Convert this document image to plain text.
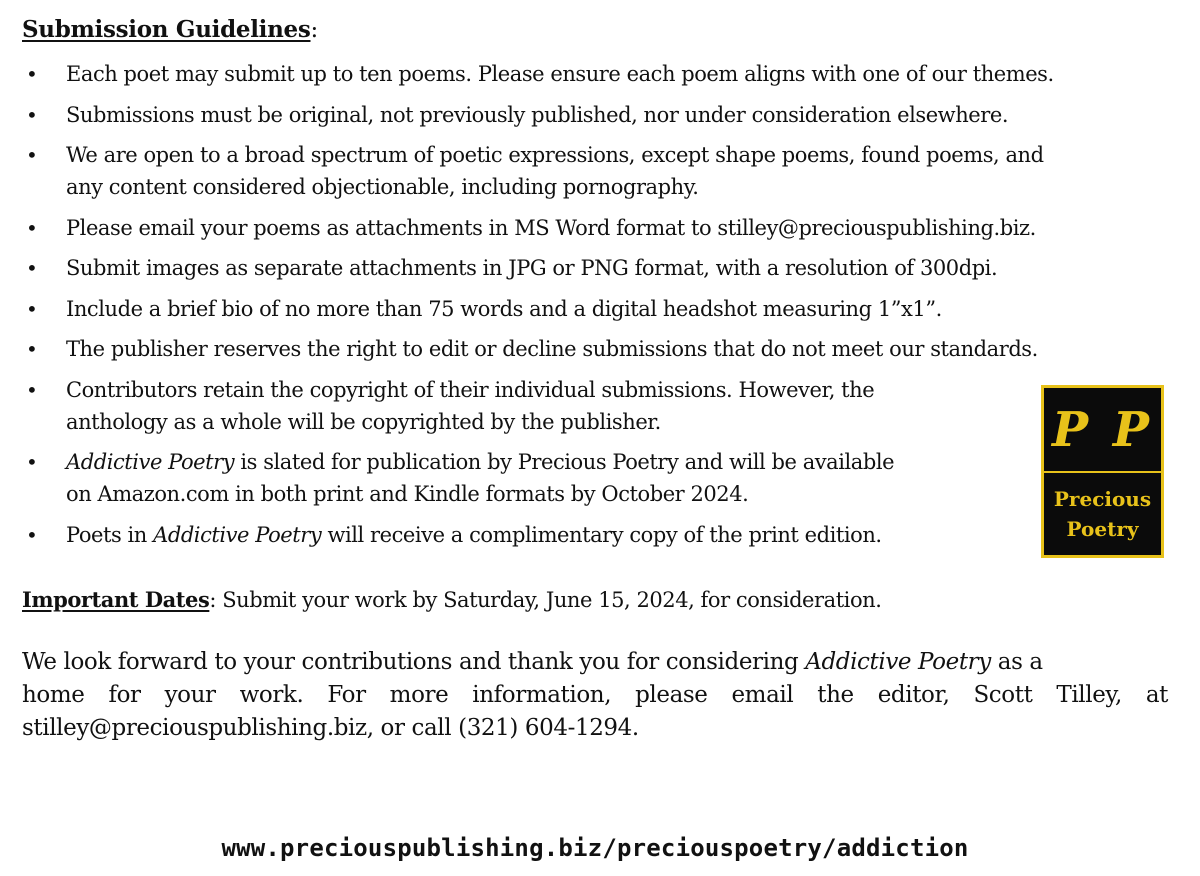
Submission Guidelines:
• Each poet may submit up to ten poems. Please ensure each poem aligns with one of our themes.
• Submissions must be original, not previously published, nor under consideration elsewhere.
• We are open to a broad spectrum of poetic expressions, except shape poems, found poems, and
any content considered objectionable, including pornography.
• Please email your poems as attachments in MS Word format to stilley@preciouspublishing.biz.
• Submit images as separate attachments in JPG or PNG format, with a resolution of 300dpi.
• Include a brief bio of no more than 75 words and a digital headshot measuring 1”x1”.
• The publisher reserves the right to edit or decline submissions that do not meet our standards.
• Contributors retain the copyright of their individual submissions. However, the
anthology as a whole will be copyrighted by the publisher.
• Addictive Poetry is slated for publication by Precious Poetry and will be available
on Amazon.com in both print and Kindle formats by October 2024.
• Poets in Addictive Poetry will receive a complimentary copy of the print edition.
P P
Precious
Poetry
Important Dates: Submit your work by Saturday, June 15, 2024, for consideration.
We look forward to your contributions and thank you for considering Addictive Poetry as a
home for your work. For more information, please email the editor, Scott Tilley, at
stilley@preciouspublishing.biz, or call (321) 604-1294.
www.preciouspublishing.biz/preciouspoetry/addiction
